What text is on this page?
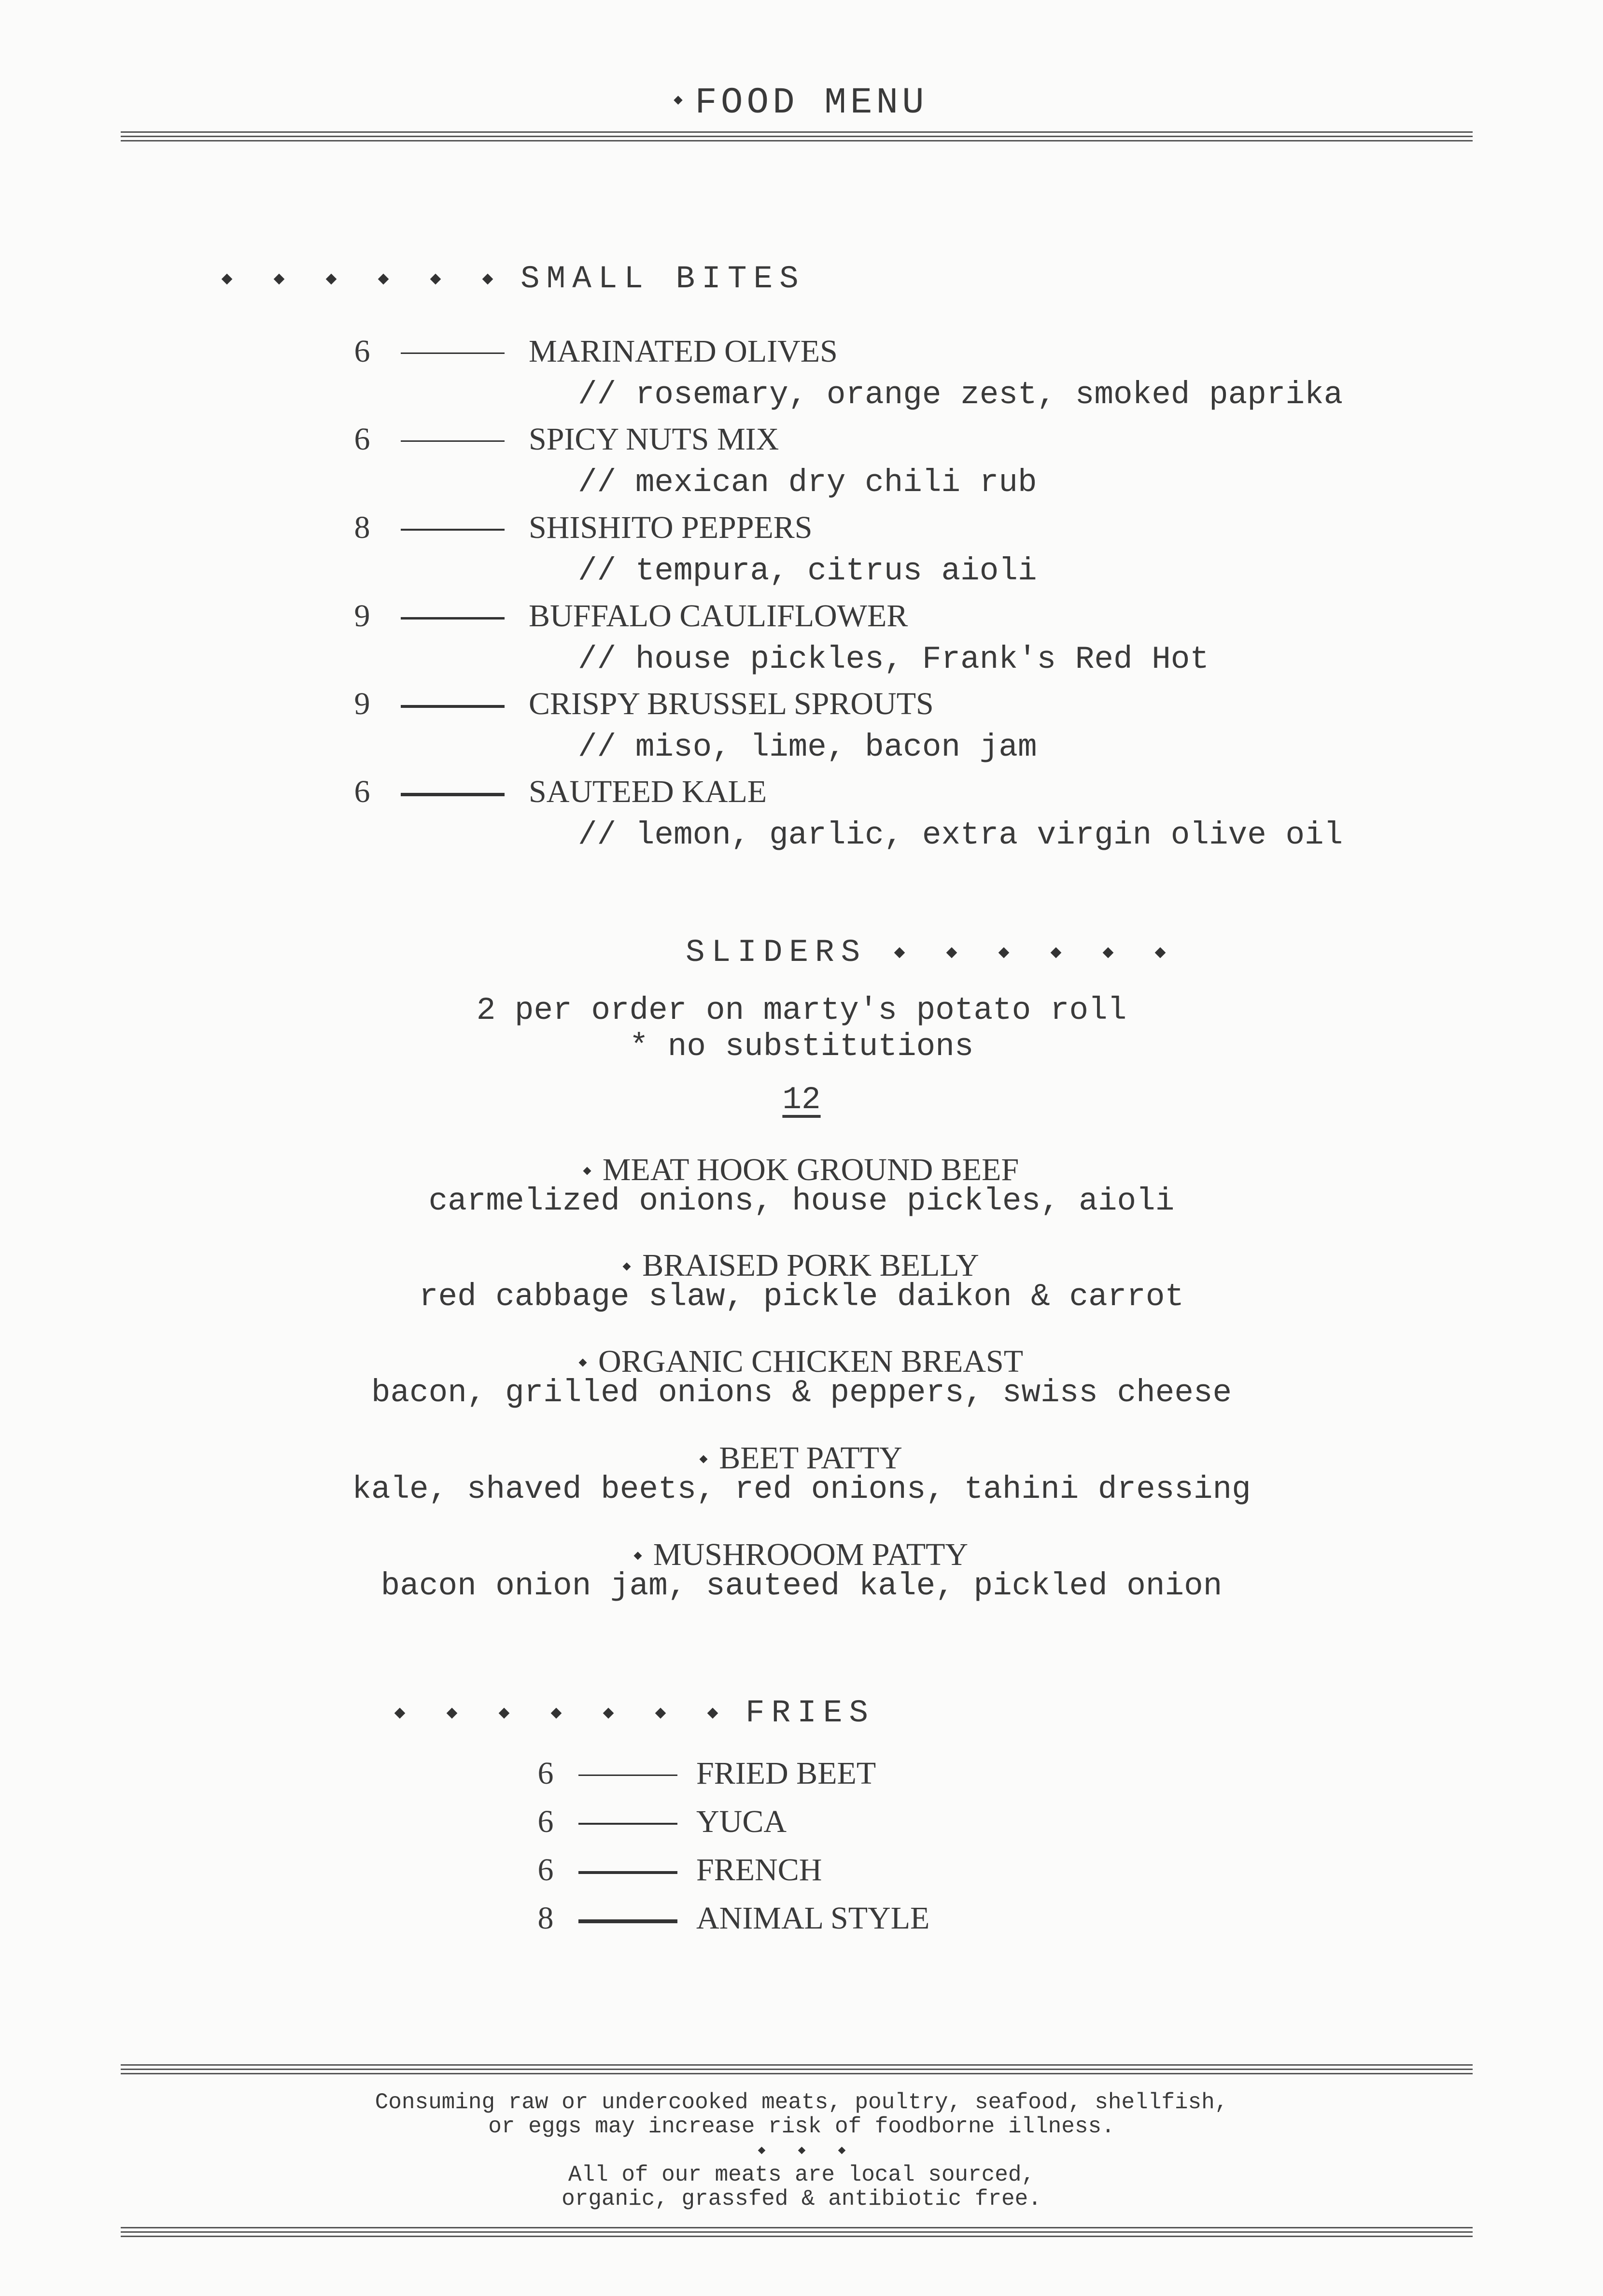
FOOD MENU
SMALL BITES
6	MARINATED OLIVES
// rosemary, orange zest, smoked paprika
6	SPICY NUTS MIX
// mexican dry chili rub
8	SHISHITO PEPPERS
// tempura, citrus aioli
9	BUFFALO CAULIFLOWER
// house pickles, Frank's Red Hot
9	CRISPY BRUSSEL SPROUTS
// miso, lime, bacon jam
6	SAUTEED KALE
// lemon, garlic, extra virgin olive oil
SLIDERS
2 per order on marty's potato roll
* no substitutions
12
MEAT HOOK GROUND BEEF
carmelized onions, house pickles, aioli
BRAISED PORK BELLY
red cabbage slaw, pickle daikon & carrot
ORGANIC CHICKEN BREAST
bacon, grilled onions & peppers, swiss cheese
BEET PATTY
kale, shaved beets, red onions, tahini dressing
MUSHROOOM PATTY
bacon onion jam, sauteed kale, pickled onion
FRIES
6	FRIED BEET
6	YUCA
6	FRENCH
8	ANIMAL STYLE
Consuming raw or undercooked meats, poultry, seafood, shellfish,
or eggs may increase risk of foodborne illness.
All of our meats are local sourced,
organic, grassfed & antibiotic free.
